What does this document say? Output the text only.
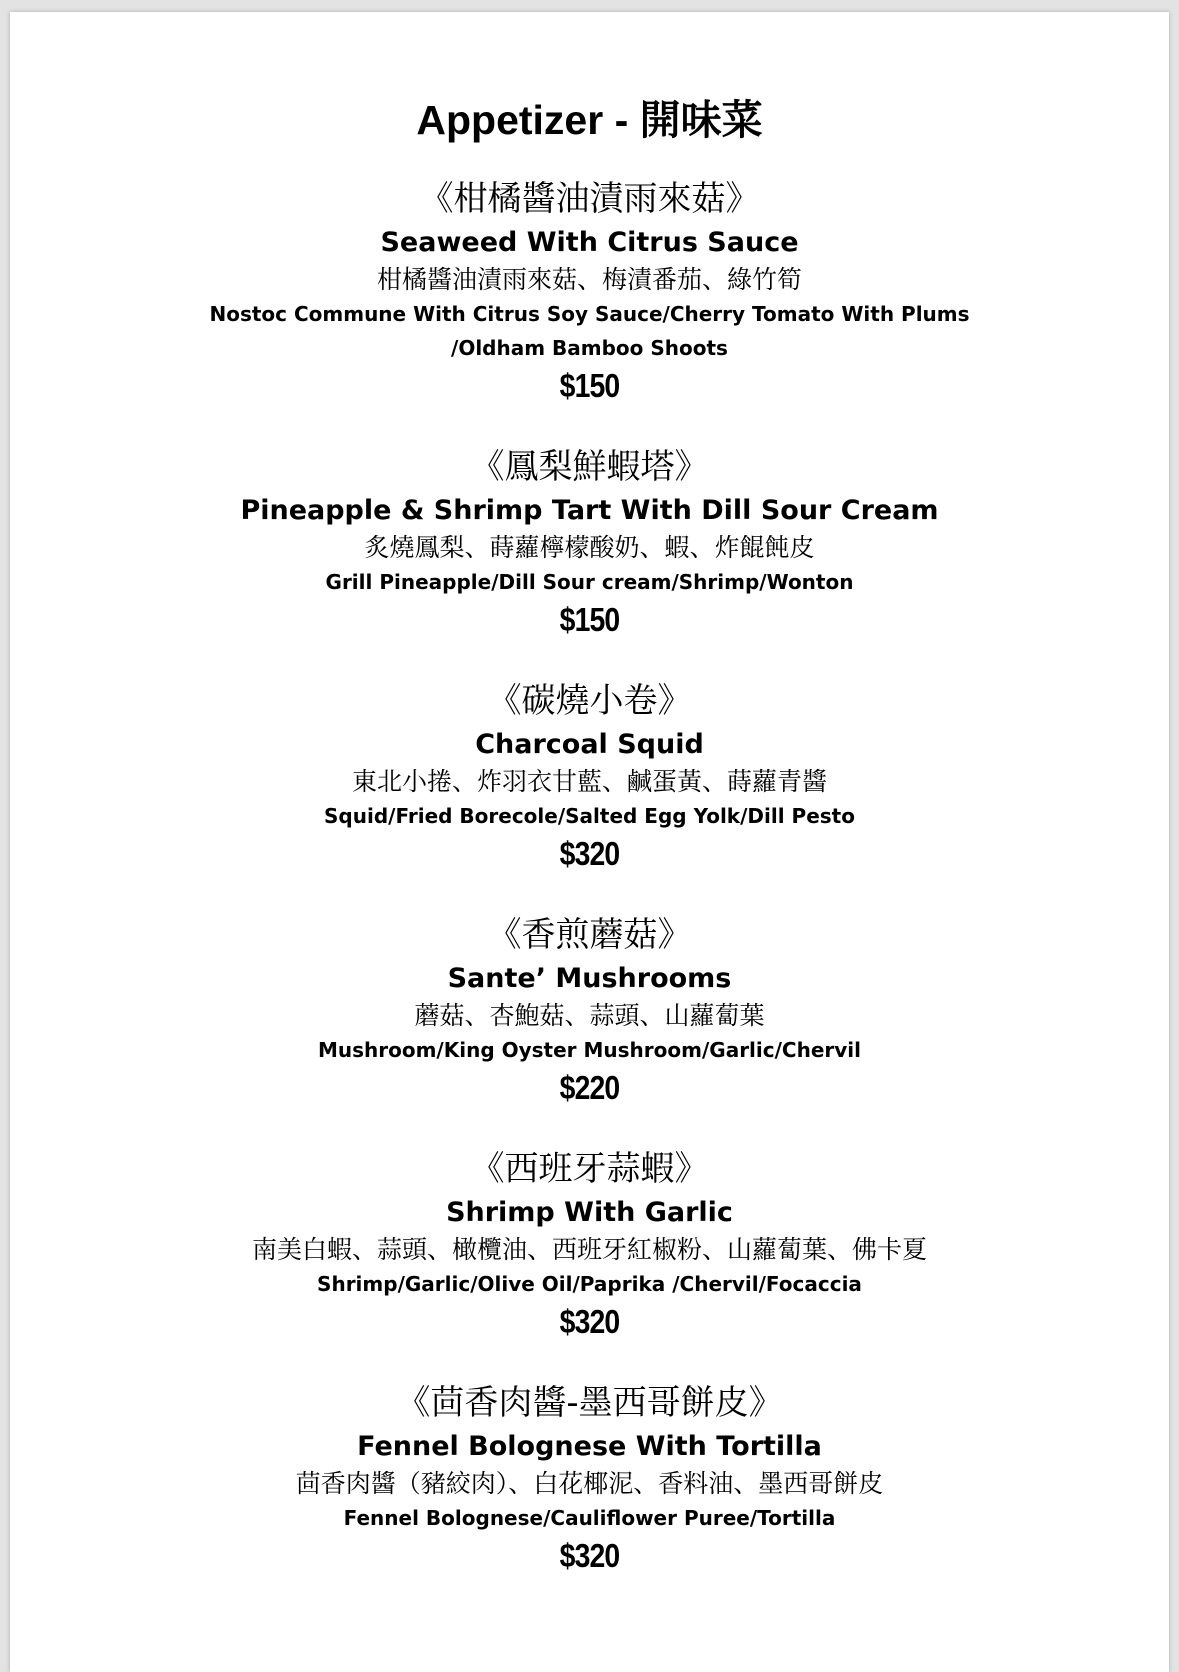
Appetizer - 開味菜
《柑橘醬油漬雨來菇》
Seaweed With Citrus Sauce
柑橘醬油漬雨來菇、梅漬番茄、綠竹筍
Nostoc Commune With Citrus Soy Sauce/Cherry Tomato With Plums
/Oldham Bamboo Shoots
$150
《鳳梨鮮蝦塔》
Pineapple & Shrimp Tart With Dill Sour Cream
炙燒鳳梨、蒔蘿檸檬酸奶、蝦、炸餛飩皮
Grill Pineapple/Dill Sour cream/Shrimp/Wonton
$150
《碳燒小卷》
Charcoal Squid
東北小捲、炸羽衣甘藍、鹹蛋黃、蒔蘿青醬
Squid/Fried Borecole/Salted Egg Yolk/Dill Pesto
$320
《香煎蘑菇》
Sante’ Mushrooms
蘑菇、杏鮑菇、蒜頭、山蘿蔔葉
Mushroom/King Oyster Mushroom/Garlic/Chervil
$220
《西班牙蒜蝦》
Shrimp With Garlic
南美白蝦、蒜頭、橄欖油、西班牙紅椒粉、山蘿蔔葉、佛卡夏
Shrimp/Garlic/Olive Oil/Paprika /Chervil/Focaccia
$320
《茴香肉醬-墨西哥餅皮》
Fennel Bolognese With Tortilla
茴香肉醬（豬絞肉）、白花椰泥、香料油、墨西哥餅皮
Fennel Bolognese/Cauliflower Puree/Tortilla
$320
